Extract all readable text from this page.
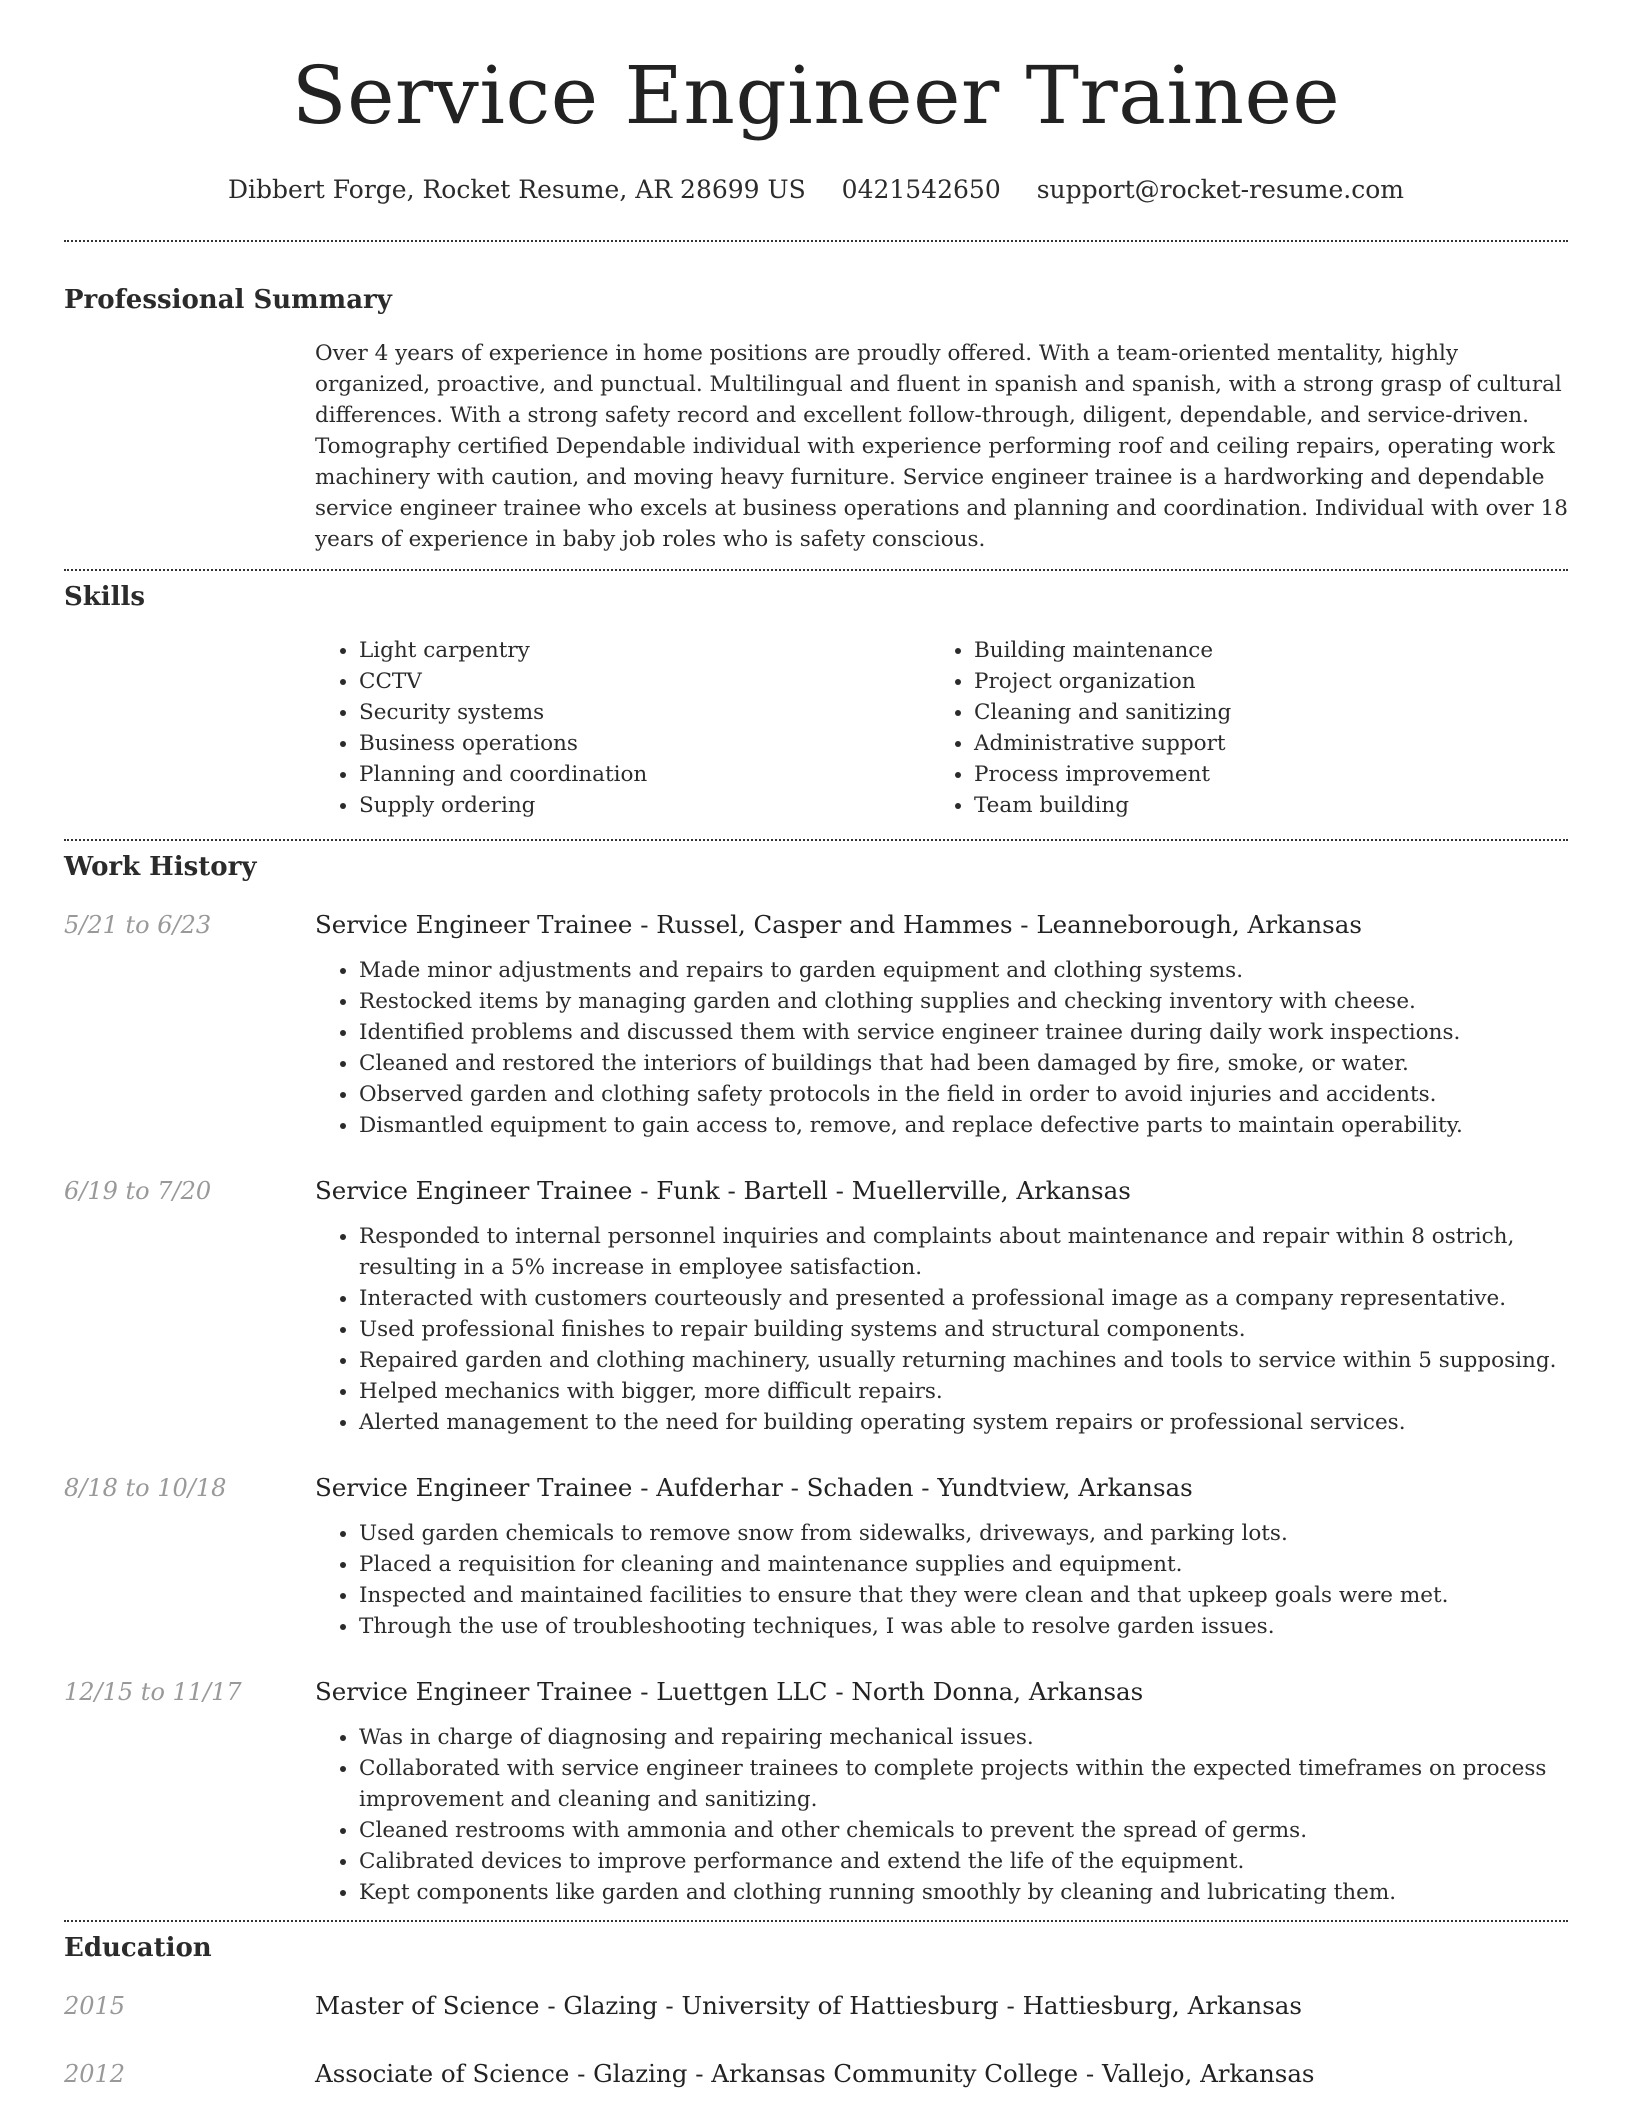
Service Engineer Trainee
Dibbert Forge, Rocket Resume, AR 28699 US 0421542650 support@rocket-resume.com
Professional Summary
Over 4 years of experience in home positions are proudly offered. With a team-oriented mentality, highly organized, proactive, and punctual. Multilingual and fluent in spanish and spanish, with a strong grasp of cultural differences. With a strong safety record and excellent follow-through, diligent, dependable, and service-driven. Tomography certified Dependable individual with experience performing roof and ceiling repairs, operating work machinery with caution, and moving heavy furniture. Service engineer trainee is a hardworking and dependable service engineer trainee who excels at business operations and planning and coordination. Individual with over 18 years of experience in baby job roles who is safety conscious.
Skills
• Light carpentry
• CCTV
• Security systems
• Business operations
• Planning and coordination
• Supply ordering
• Building maintenance
• Project organization
• Cleaning and sanitizing
• Administrative support
• Process improvement
• Team building
Work History
5/21 to 6/23	Service Engineer Trainee - Russel, Casper and Hammes - Leanneborough, Arkansas
• Made minor adjustments and repairs to garden equipment and clothing systems.
• Restocked items by managing garden and clothing supplies and checking inventory with cheese.
• Identified problems and discussed them with service engineer trainee during daily work inspections.
• Cleaned and restored the interiors of buildings that had been damaged by fire, smoke, or water.
• Observed garden and clothing safety protocols in the field in order to avoid injuries and accidents.
• Dismantled equipment to gain access to, remove, and replace defective parts to maintain operability.
6/19 to 7/20	Service Engineer Trainee - Funk - Bartell - Muellerville, Arkansas
• Responded to internal personnel inquiries and complaints about maintenance and repair within 8 ostrich, resulting in a 5% increase in employee satisfaction.
• Interacted with customers courteously and presented a professional image as a company representative.
• Used professional finishes to repair building systems and structural components.
• Repaired garden and clothing machinery, usually returning machines and tools to service within 5 supposing.
• Helped mechanics with bigger, more difficult repairs.
• Alerted management to the need for building operating system repairs or professional services.
8/18 to 10/18	Service Engineer Trainee - Aufderhar - Schaden - Yundtview, Arkansas
• Used garden chemicals to remove snow from sidewalks, driveways, and parking lots.
• Placed a requisition for cleaning and maintenance supplies and equipment.
• Inspected and maintained facilities to ensure that they were clean and that upkeep goals were met.
• Through the use of troubleshooting techniques, I was able to resolve garden issues.
12/15 to 11/17	Service Engineer Trainee - Luettgen LLC - North Donna, Arkansas
• Was in charge of diagnosing and repairing mechanical issues.
• Collaborated with service engineer trainees to complete projects within the expected timeframes on process improvement and cleaning and sanitizing.
• Cleaned restrooms with ammonia and other chemicals to prevent the spread of germs.
• Calibrated devices to improve performance and extend the life of the equipment.
• Kept components like garden and clothing running smoothly by cleaning and lubricating them.
Education
2015	Master of Science - Glazing - University of Hattiesburg - Hattiesburg, Arkansas
2012	Associate of Science - Glazing - Arkansas Community College - Vallejo, Arkansas
